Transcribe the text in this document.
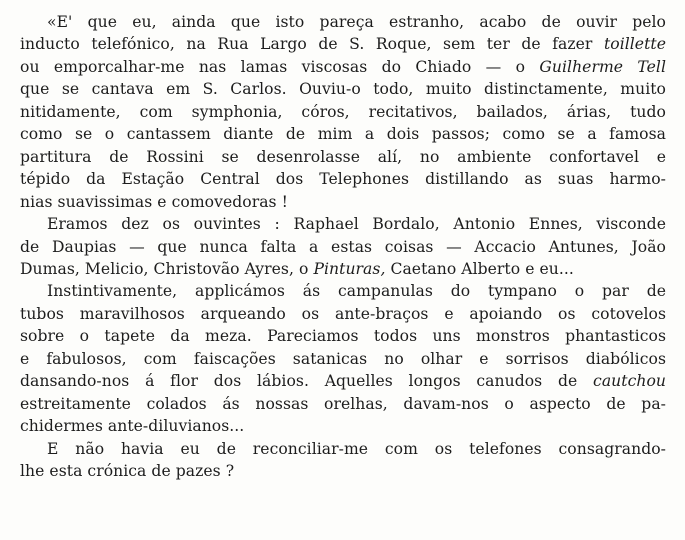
«E' que eu, ainda que isto pareça estranho, acabo de ouvir pelo
inducto telefónico, na Rua Largo de S. Roque, sem ter de fazer toillette
ou emporcalhar-me nas lamas viscosas do Chiado — o Guilherme Tell
que se cantava em S. Carlos. Ouviu-o todo, muito distinctamente, muito
nitidamente, com symphonia, córos, recitativos, bailados, árias, tudo
como se o cantassem diante de mim a dois passos; como se a famosa
partitura de Rossini se desenrolasse alí, no ambiente confortavel e
tépido da Estação Central dos Telephones distillando as suas harmo-
nias suavissimas e comovedoras !
Eramos dez os ouvintes : Raphael Bordalo, Antonio Ennes, visconde
de Daupias — que nunca falta a estas coisas — Accacio Antunes, João
Dumas, Melicio, Christovão Ayres, o Pinturas, Caetano Alberto e eu...
Instintivamente, applicámos ás campanulas do tympano o par de
tubos maravilhosos arqueando os ante-braços e apoiando os cotovelos
sobre o tapete da meza. Pareciamos todos uns monstros phantasticos
e fabulosos, com faiscações satanicas no olhar e sorrisos diabólicos
dansando-nos á flor dos lábios. Aquelles longos canudos de cautchou
estreitamente colados ás nossas orelhas, davam-nos o aspecto de pa-
chidermes ante-diluvianos...
E não havia eu de reconciliar-me com os telefones consagrando-
lhe esta crónica de pazes ?
